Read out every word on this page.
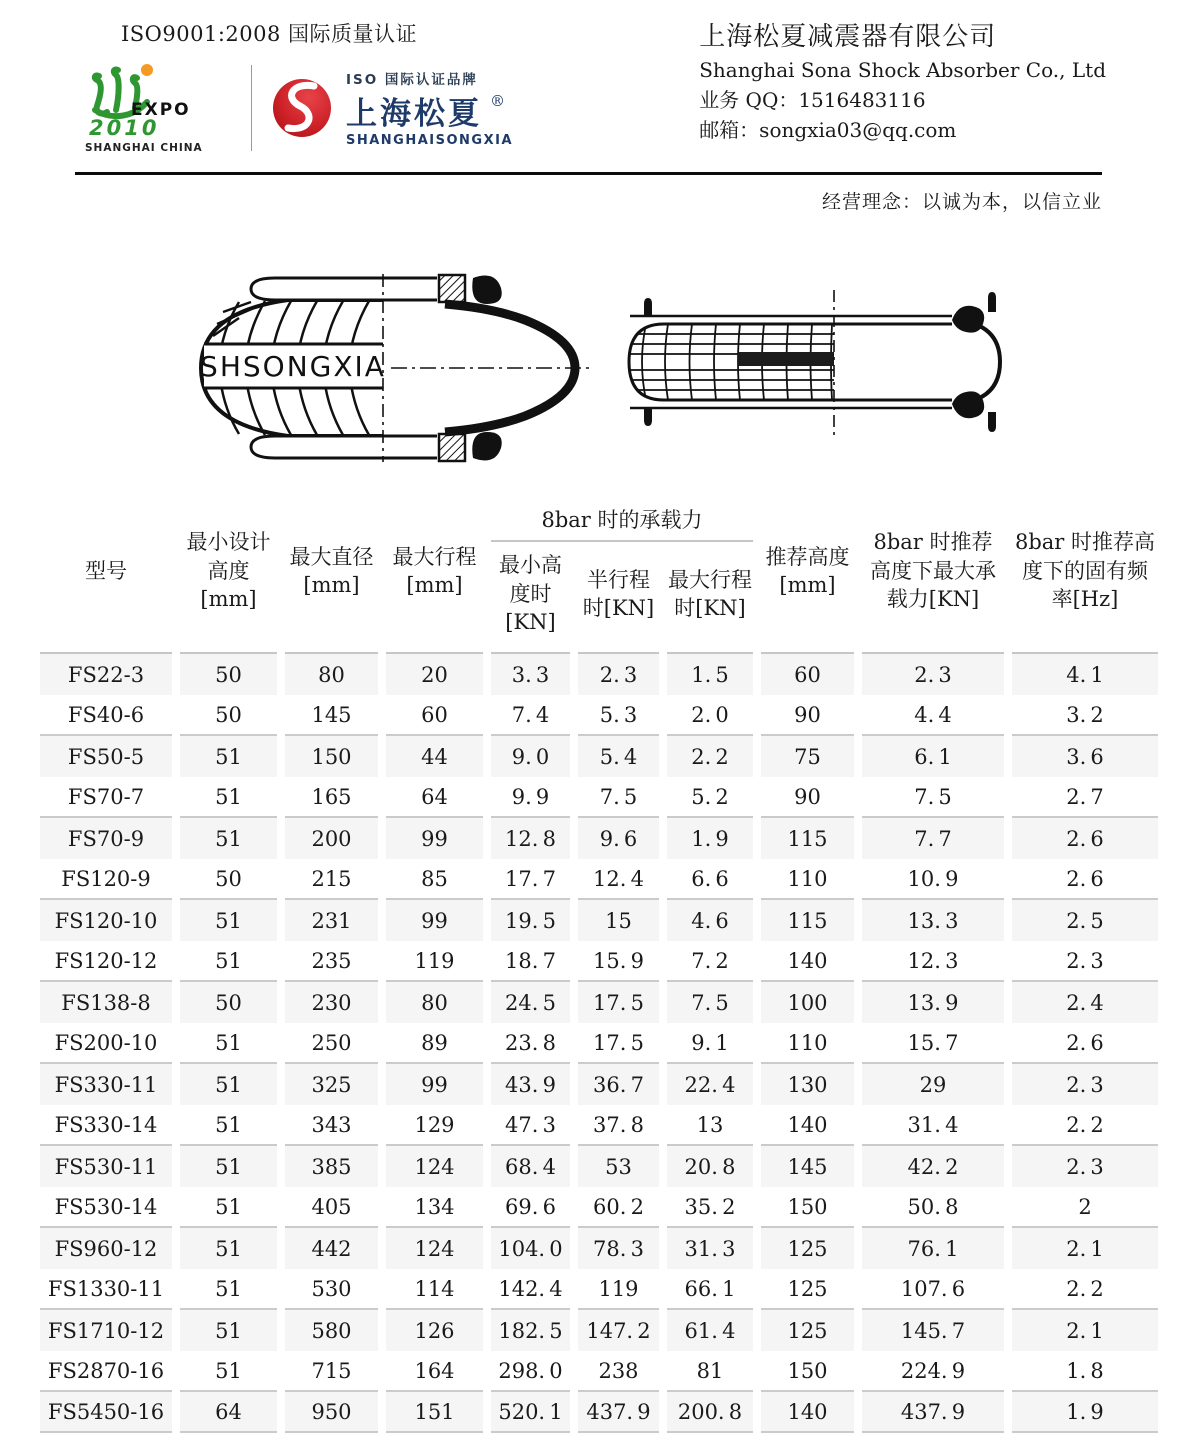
ISO9001:2008 国际质量认证
EXPO
2010
SHANGHAI CHINA
ISO 国际认证品牌
上海松夏 ®
SHANGHAISONGXIA
上海松夏减震器有限公司
Shanghai Sona Shock Absorber Co., Ltd
业务 QQ：1516483116
邮箱：songxia03@qq.com
经营理念：以诚为本，以信立业
SHSONGXIA
型号	最小设计高度[mm]	最大直径[mm]	最大行程[mm]	8bar 时的承载力			推荐高度[mm]	8bar 时推荐高度下最大承载力[KN]	8bar 时推荐高度下的固有频率[Hz]
				最小高度时[KN]	半行程时[KN]	最大行程时[KN]			
FS22-3	50	80	20	3. 3	2. 3	1. 5	60	2. 3	4. 1
FS40-6	50	145	60	7. 4	5. 3	2. 0	90	4. 4	3. 2
FS50-5	51	150	44	9. 0	5. 4	2. 2	75	6. 1	3. 6
FS70-7	51	165	64	9. 9	7. 5	5. 2	90	7. 5	2. 7
FS70-9	51	200	99	12. 8	9. 6	1. 9	115	7. 7	2. 6
FS120-9	50	215	85	17. 7	12. 4	6. 6	110	10. 9	2. 6
FS120-10	51	231	99	19. 5	15	4. 6	115	13. 3	2. 5
FS120-12	51	235	119	18. 7	15. 9	7. 2	140	12. 3	2. 3
FS138-8	50	230	80	24. 5	17. 5	7. 5	100	13. 9	2. 4
FS200-10	51	250	89	23. 8	17. 5	9. 1	110	15. 7	2. 6
FS330-11	51	325	99	43. 9	36. 7	22. 4	130	29	2. 3
FS330-14	51	343	129	47. 3	37. 8	13	140	31. 4	2. 2
FS530-11	51	385	124	68. 4	53	20. 8	145	42. 2	2. 3
FS530-14	51	405	134	69. 6	60. 2	35. 2	150	50. 8	2
FS960-12	51	442	124	104. 0	78. 3	31. 3	125	76. 1	2. 1
FS1330-11	51	530	114	142. 4	119	66. 1	125	107. 6	2. 2
FS1710-12	51	580	126	182. 5	147. 2	61. 4	125	145. 7	2. 1
FS2870-16	51	715	164	298. 0	238	81	150	224. 9	1. 8
FS5450-16	64	950	151	520. 1	437. 9	200. 8	140	437. 9	1. 9
